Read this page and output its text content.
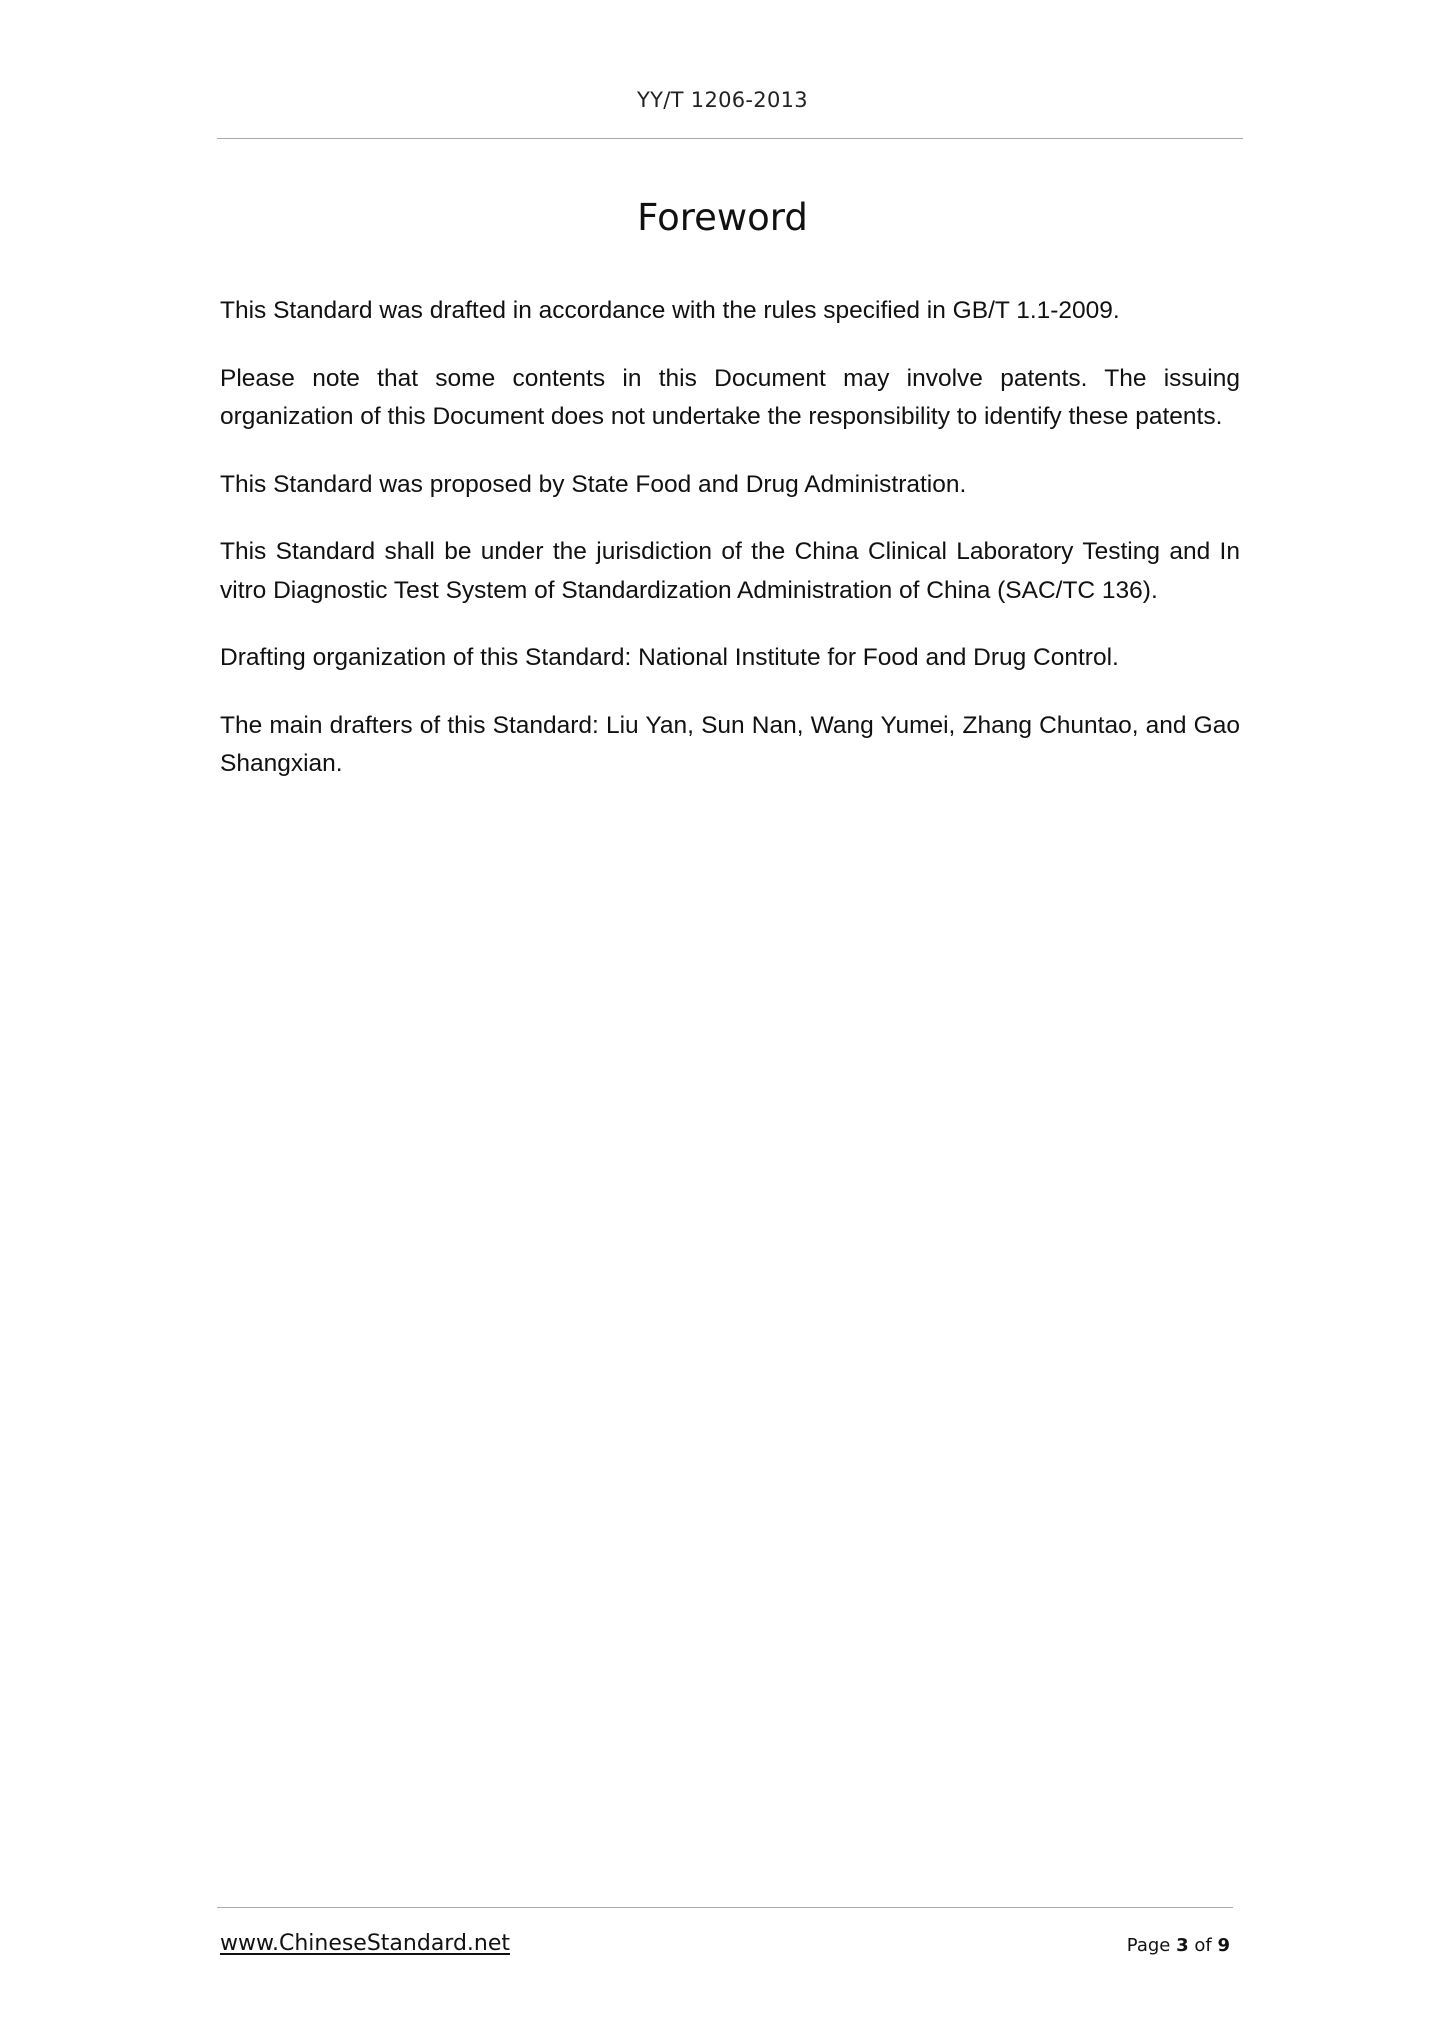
YY/T 1206-2013
Foreword

This Standard was drafted in accordance with the rules specified in GB/T 1.1-2009.

Please note that some contents in this Document may involve patents. The issuing organization of this Document does not undertake the responsibility to identify these patents.

This Standard was proposed by State Food and Drug Administration.

This Standard shall be under the jurisdiction of the China Clinical Laboratory Testing and In vitro Diagnostic Test System of Standardization Administration of China (SAC/TC 136).

Drafting organization of this Standard: National Institute for Food and Drug Control.

The main drafters of this Standard: Liu Yan, Sun Nan, Wang Yumei, Zhang Chuntao, and Gao Shangxian.

www.ChineseStandard.net	Page 3 of 9
